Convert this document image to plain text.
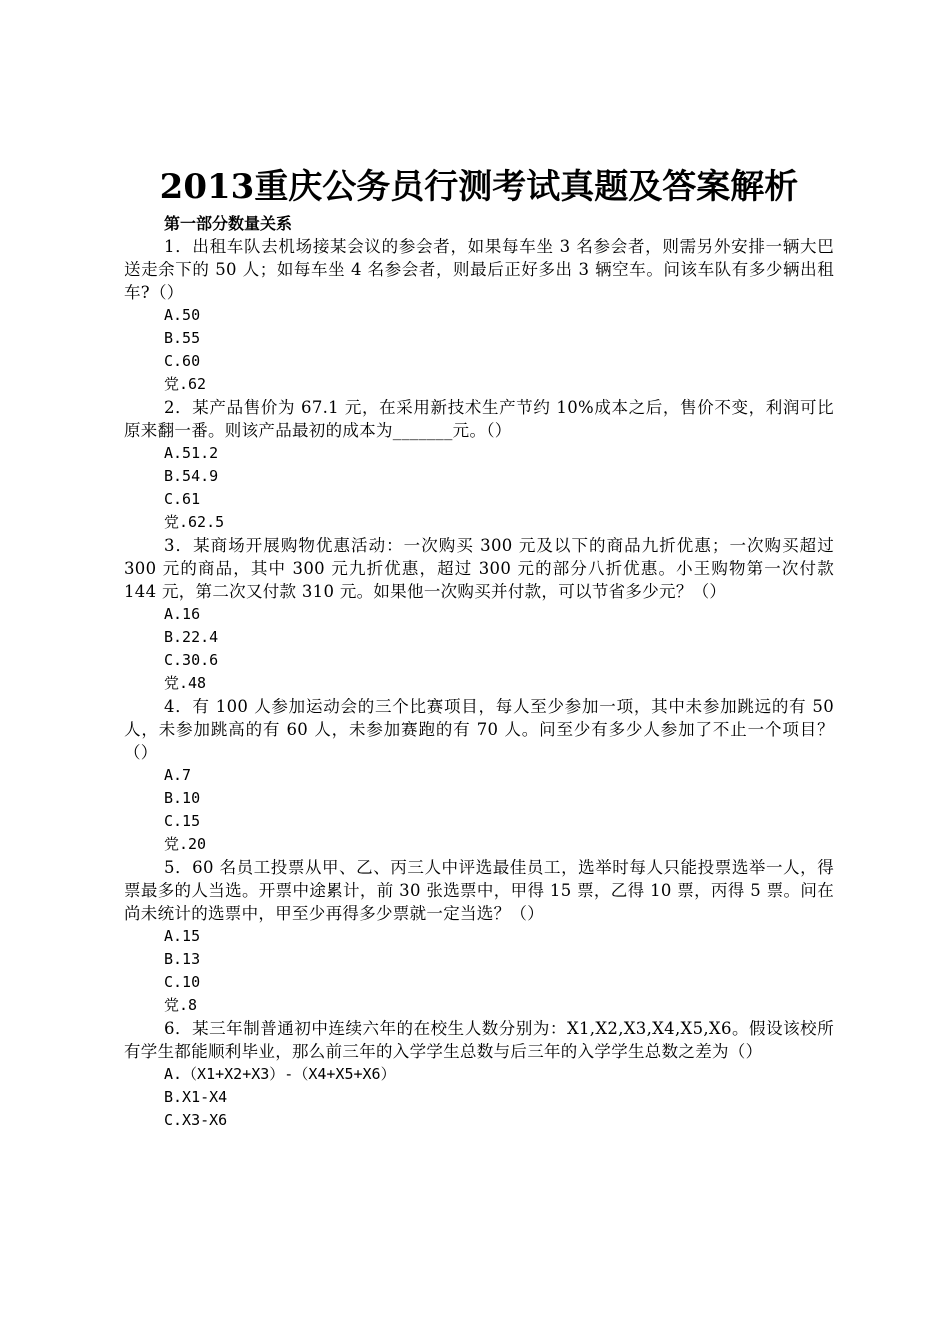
2013重庆公务员行测考试真题及答案解析

第一部分数量关系

1．出租车队去机场接某会议的参会者，如果每车坐 3 名参会者，则需另外安排一辆大巴送走余下的 50 人；如每车坐 4 名参会者，则最后正好多出 3 辆空车。问该车队有多少辆出租车?（）

A.50

B.55

C.60

党.62

2．某产品售价为 67.1 元，在采用新技术生产节约 10%成本之后，售价不变，利润可比原来翻一番。则该产品最初的成本为_______元。（）

A.51.2

B.54.9

C.61

党.62.5

3．某商场开展购物优惠活动：一次购买 300 元及以下的商品九折优惠；一次购买超过 300 元的商品，其中 300 元九折优惠，超过 300 元的部分八折优惠。小王购物第一次付款 144 元，第二次又付款 310 元。如果他一次购买并付款，可以节省多少元？（）

A.16

B.22.4

C.30.6

党.48

4．有 100 人参加运动会的三个比赛项目，每人至少参加一项，其中未参加跳远的有 50 人，未参加跳高的有 60 人，未参加赛跑的有 70 人。问至少有多少人参加了不止一个项目？（）

A.7

B.10

C.15

党.20

5．60 名员工投票从甲、乙、丙三人中评选最佳员工，选举时每人只能投票选举一人，得票最多的人当选。开票中途累计，前 30 张选票中，甲得 15 票，乙得 10 票，丙得 5 票。问在尚未统计的选票中，甲至少再得多少票就一定当选？（）

A.15

B.13

C.10

党.8

6．某三年制普通初中连续六年的在校生人数分别为：X1,X2,X3,X4,X5,X6。假设该校所有学生都能顺利毕业，那么前三年的入学学生总数与后三年的入学学生总数之差为（）

A.（X1+X2+X3）-（X4+X5+X6）

B.X1-X4

C.X3-X6
